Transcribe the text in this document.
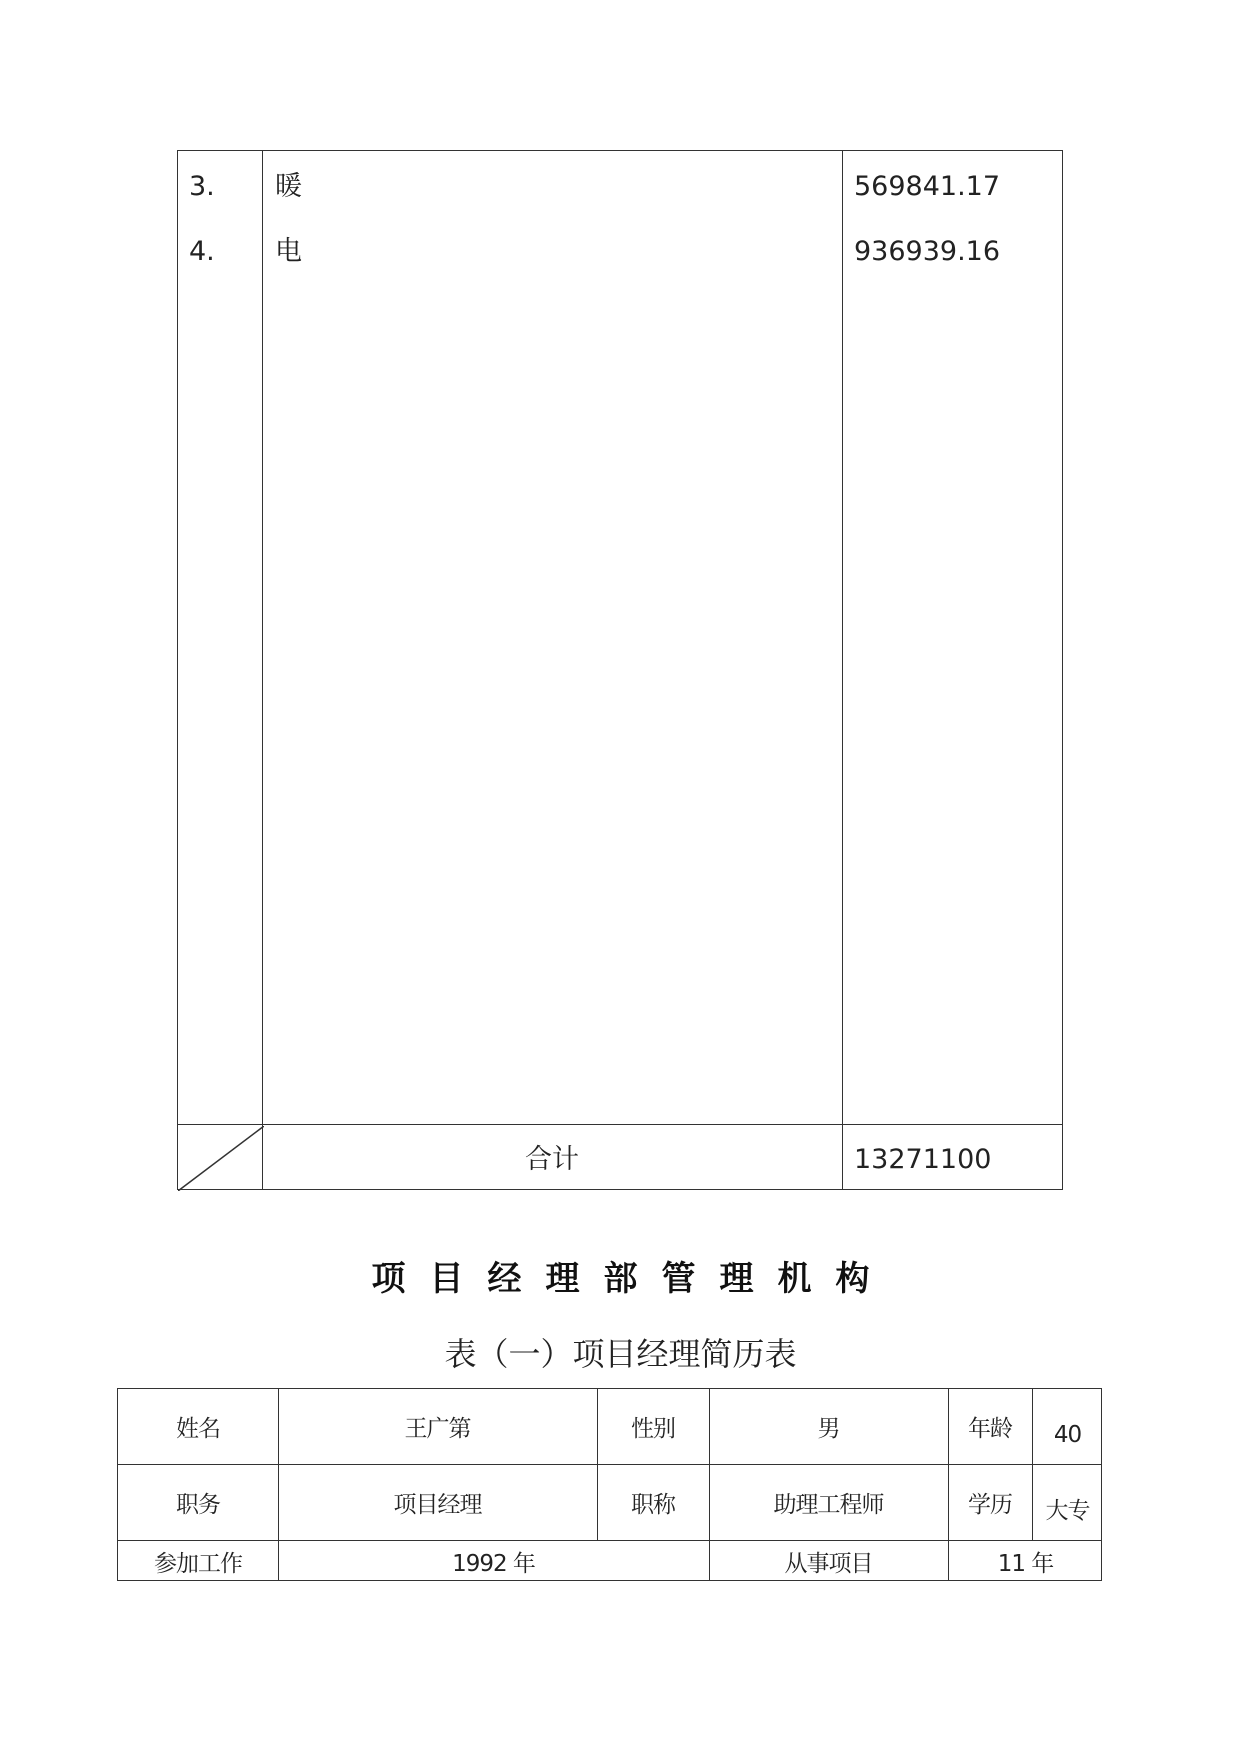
3. 暖	569841.17
4. 电	936939.16
合计	13271100
项目经理部管理机构
表（一）项目经理简历表
姓名	王广第	性别	男	年龄	40
职务	项目经理	职称	助理工程师	学历	大专
参加工作	1992 年	从事项目	11 年
